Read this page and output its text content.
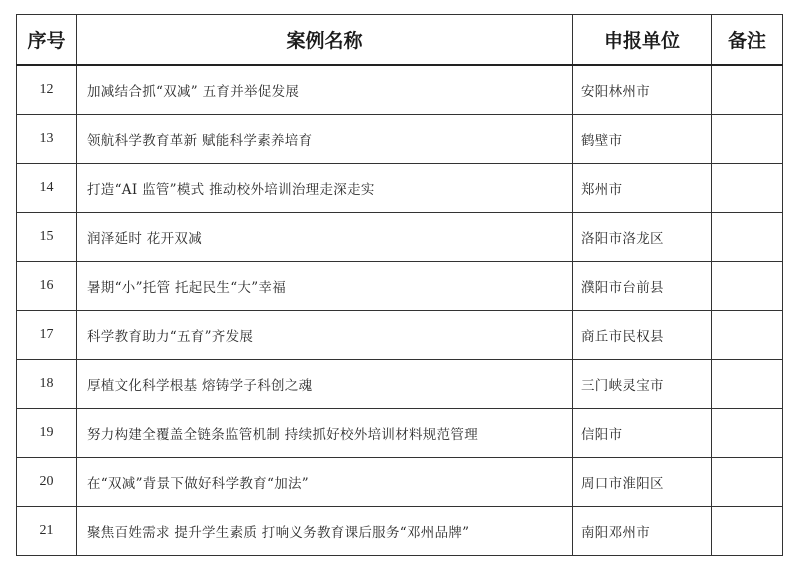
序号	案例名称	申报单位	备注
12	加减结合抓“双减” 五育并举促发展	安阳林州市	
13	领航科学教育革新 赋能科学素养培育	鹤壁市	
14	打造“AI 监管”模式 推动校外培训治理走深走实	郑州市	
15	润泽延时 花开双减	洛阳市洛龙区	
16	暑期“小”托管 托起民生“大”幸福	濮阳市台前县	
17	科学教育助力“五育”齐发展	商丘市民权县	
18	厚植文化科学根基 熔铸学子科创之魂	三门峡灵宝市	
19	努力构建全覆盖全链条监管机制 持续抓好校外培训材料规范管理	信阳市	
20	在“双减”背景下做好科学教育“加法”	周口市淮阳区	
21	聚焦百姓需求 提升学生素质 打响义务教育课后服务“邓州品牌”	南阳邓州市	
